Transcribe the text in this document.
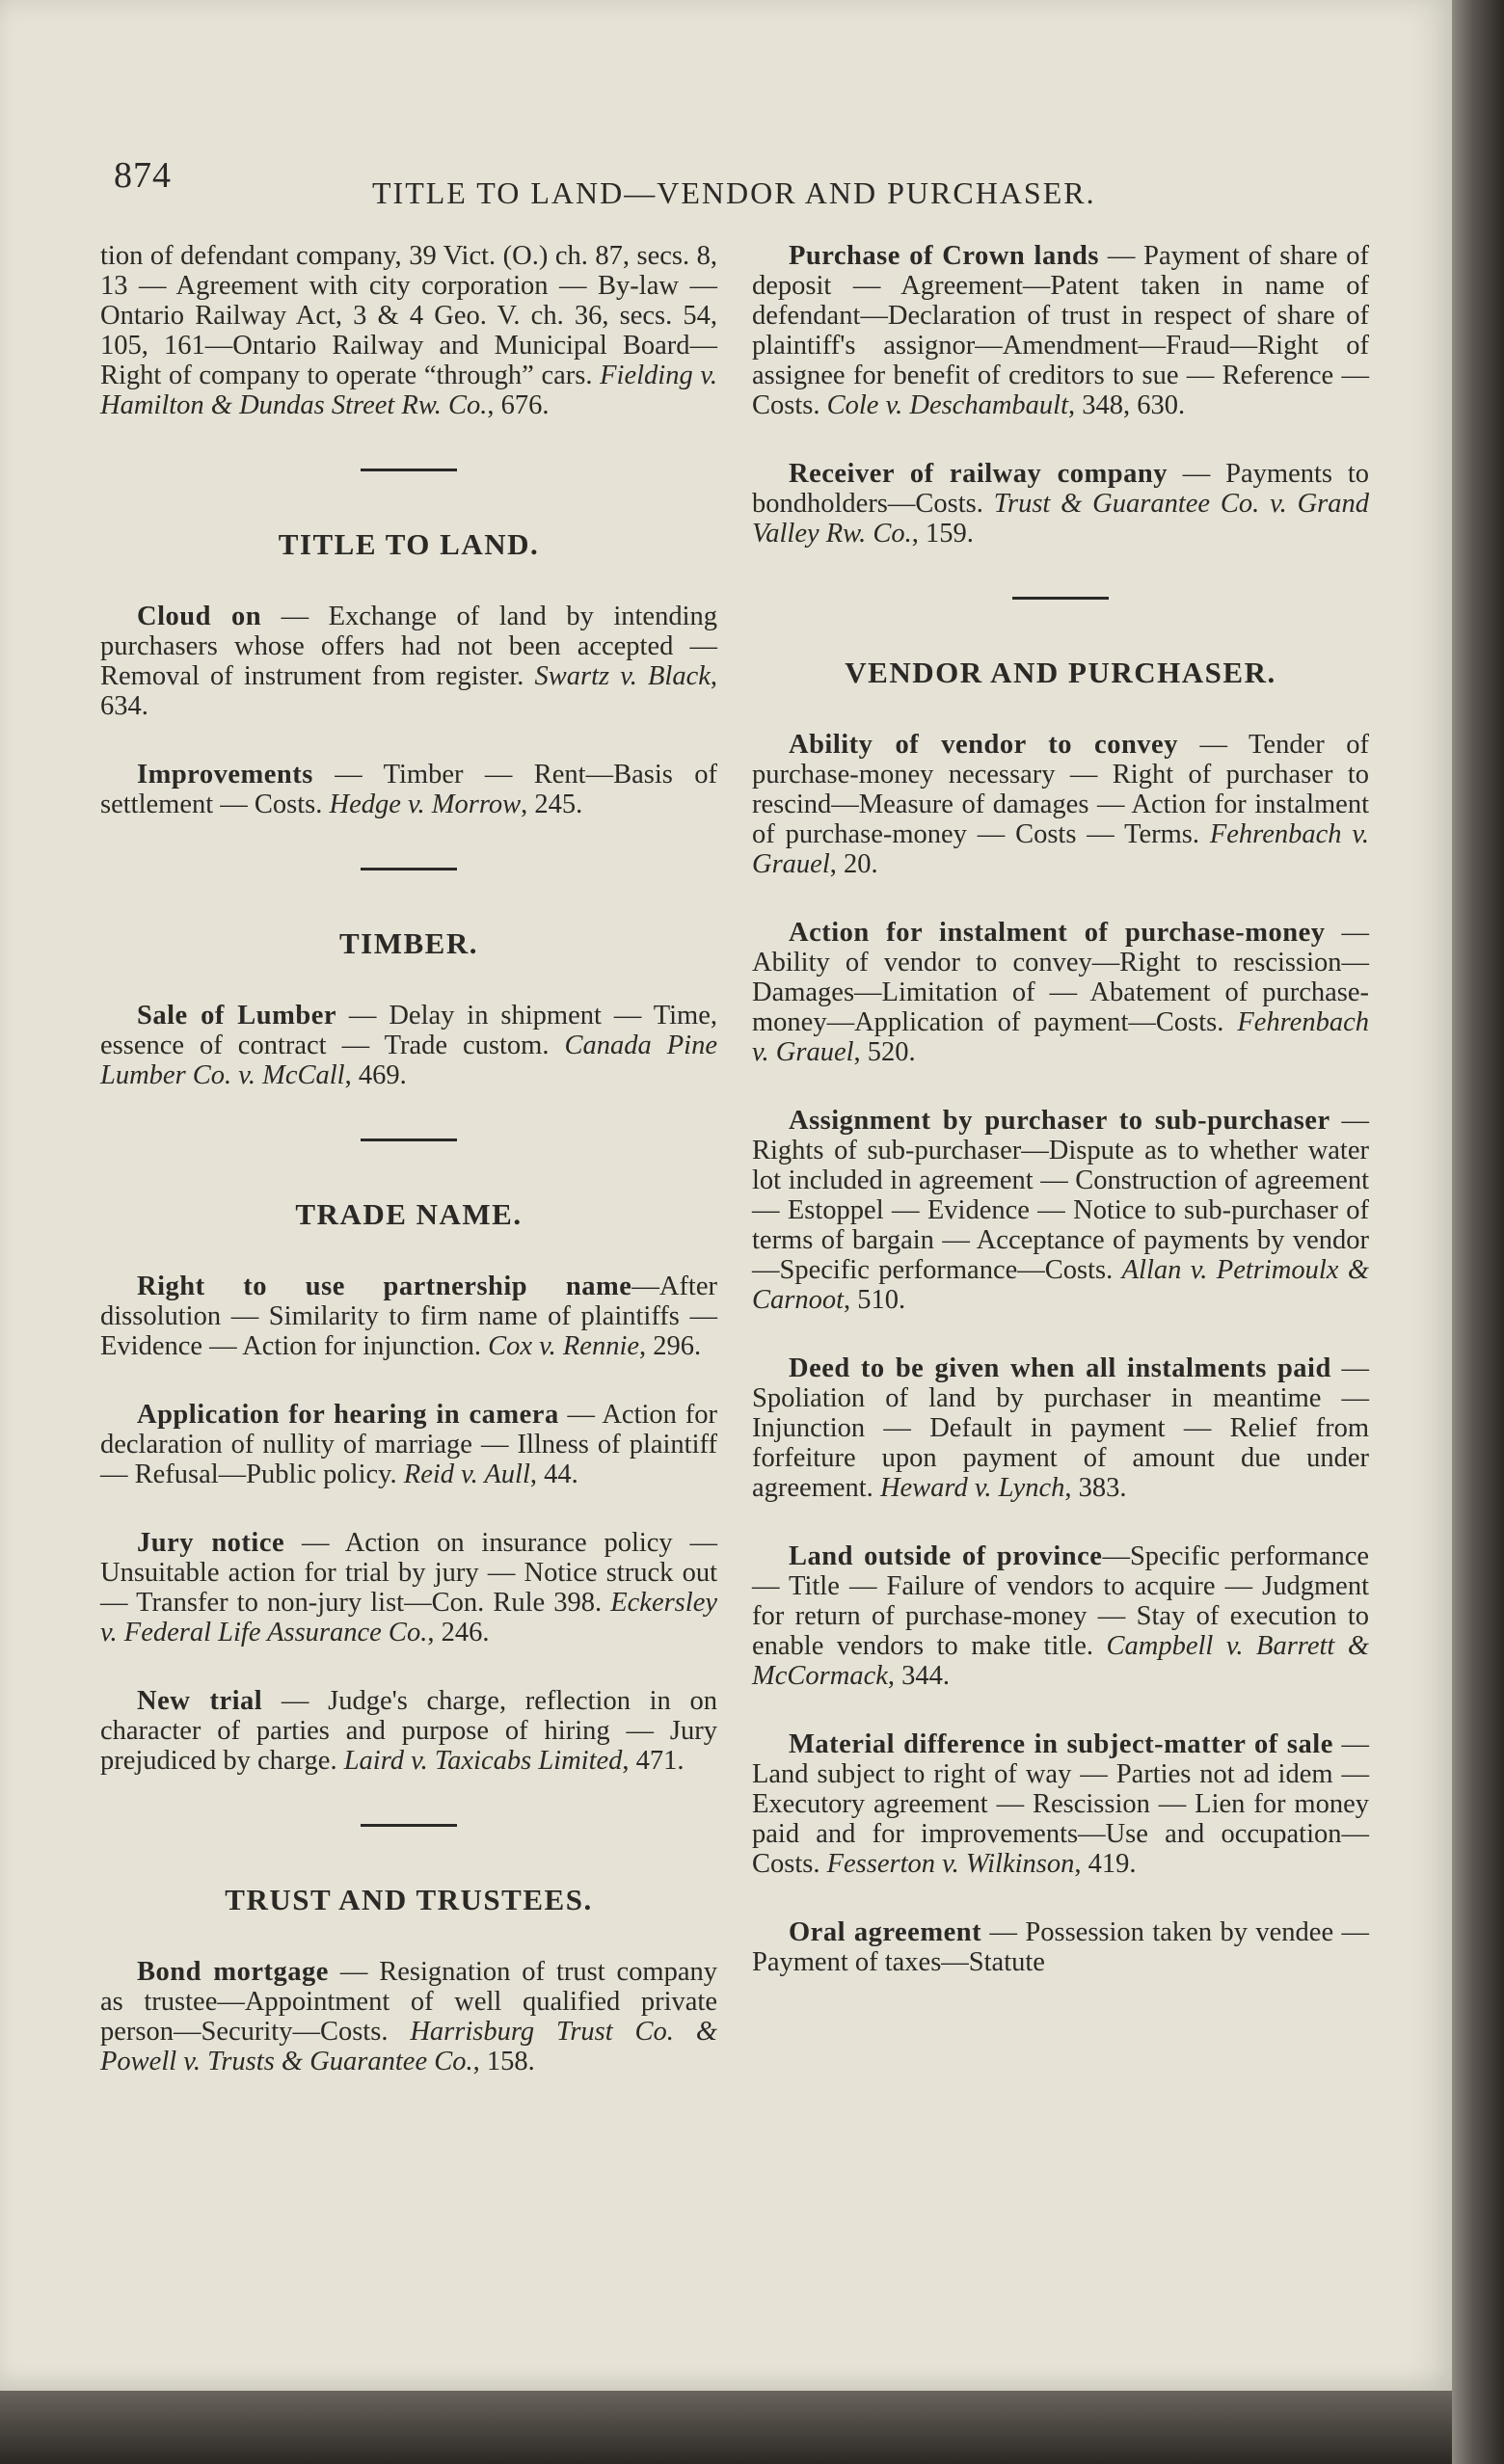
874	TITLE TO LAND—VENDOR AND PURCHASER.

tion of defendant company, 39 Vict. (O.) ch. 87, secs. 8, 13 — Agreement with city corporation — By-law — Ontario Railway Act, 3 & 4 Geo. V. ch. 36, secs. 54, 105, 161—Ontario Railway and Municipal Board—Right of company to operate “through” cars. Fielding v. Hamilton & Dundas Street Rw. Co., 676.

TITLE TO LAND.

Cloud on — Exchange of land by intending purchasers whose offers had not been accepted — Removal of instrument from register. Swartz v. Black, 634.

Improvements — Timber — Rent—Basis of settlement — Costs. Hedge v. Morrow, 245.

TIMBER.

Sale of Lumber — Delay in shipment — Time, essence of contract — Trade custom. Canada Pine Lumber Co. v. McCall, 469.

TRADE NAME.

Right to use partnership name—After dissolution — Similarity to firm name of plaintiffs — Evidence — Action for injunction. Cox v. Rennie, 296.

Application for hearing in camera — Action for declaration of nullity of marriage — Illness of plaintiff — Refusal—Public policy. Reid v. Aull, 44.

Jury notice — Action on insurance policy — Unsuitable action for trial by jury — Notice struck out — Transfer to non-jury list—Con. Rule 398. Eckersley v. Federal Life Assurance Co., 246.

New trial — Judge's charge, reflection in on character of parties and purpose of hiring — Jury prejudiced by charge. Laird v. Taxicabs Limited, 471.

TRUST AND TRUSTEES.

Bond mortgage — Resignation of trust company as trustee—Appointment of well qualified private person—Security—Costs. Harrisburg Trust Co. & Powell v. Trusts & Guarantee Co., 158.

Purchase of Crown lands — Payment of share of deposit — Agreement—Patent taken in name of defendant—Declaration of trust in respect of share of plaintiff's assignor—Amendment—Fraud—Right of assignee for benefit of creditors to sue — Reference —Costs. Cole v. Deschambault, 348, 630.

Receiver of railway company — Payments to bondholders—Costs. Trust & Guarantee Co. v. Grand Valley Rw. Co., 159.

VENDOR AND PURCHASER.

Ability of vendor to convey — Tender of purchase-money necessary — Right of purchaser to rescind—Measure of damages — Action for instalment of purchase-money — Costs — Terms. Fehrenbach v. Grauel, 20.

Action for instalment of purchase-money — Ability of vendor to convey—Right to rescission—Damages—Limitation of — Abatement of purchase-money—Application of payment—Costs. Fehrenbach v. Grauel, 520.

Assignment by purchaser to sub-purchaser — Rights of sub-purchaser—Dispute as to whether water lot included in agreement — Construction of agreement — Estoppel — Evidence — Notice to sub-purchaser of terms of bargain — Acceptance of payments by vendor —Specific performance—Costs. Allan v. Petrimoulx & Carnoot, 510.

Deed to be given when all instalments paid — Spoliation of land by purchaser in meantime — Injunction — Default in payment — Relief from forfeiture upon payment of amount due under agreement. Heward v. Lynch, 383.

Land outside of province—Specific performance — Title — Failure of vendors to acquire — Judgment for return of purchase-money — Stay of execution to enable vendors to make title. Campbell v. Barrett & McCormack, 344.

Material difference in subject-matter of sale — Land subject to right of way — Parties not ad idem — Executory agreement — Rescission — Lien for money paid and for improvements—Use and occupation—Costs. Fesserton v. Wilkinson, 419.

Oral agreement — Possession taken by vendee — Payment of taxes—Statute
